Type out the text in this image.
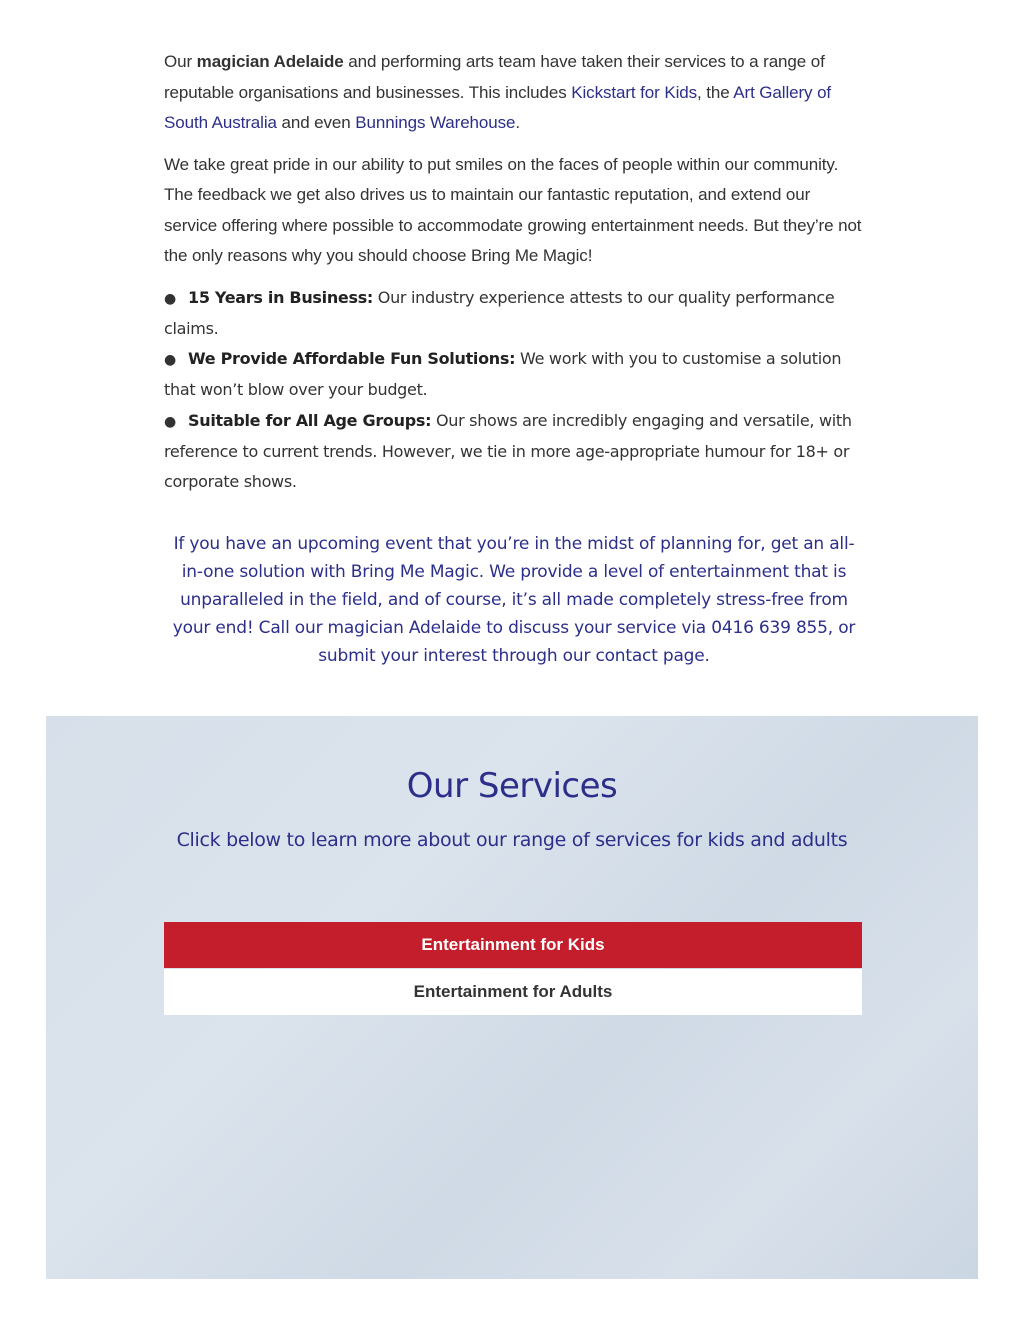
Our magician Adelaide and performing arts team have taken their services to a range of reputable organisations and businesses. This includes Kickstart for Kids, the Art Gallery of South Australia and even Bunnings Warehouse.

We take great pride in our ability to put smiles on the faces of people within our community. The feedback we get also drives us to maintain our fantastic reputation, and extend our service offering where possible to accommodate growing entertainment needs. But they’re not the only reasons why you should choose Bring Me Magic!

● 15 Years in Business: Our industry experience attests to our quality performance claims.
● We Provide Affordable Fun Solutions: We work with you to customise a solution that won’t blow over your budget.
● Suitable for All Age Groups: Our shows are incredibly engaging and versatile, with reference to current trends. However, we tie in more age-appropriate humour for 18+ or corporate shows.
If you have an upcoming event that you’re in the midst of planning for, get an all-in-one solution with Bring Me Magic. We provide a level of entertainment that is unparalleled in the field, and of course, it’s all made completely stress-free from your end! Call our magician Adelaide to discuss your service via 0416 639 855, or submit your interest through our contact page.
Our Services
Click below to learn more about our range of services for kids and adults
Entertainment for Kids
Entertainment for Adults
